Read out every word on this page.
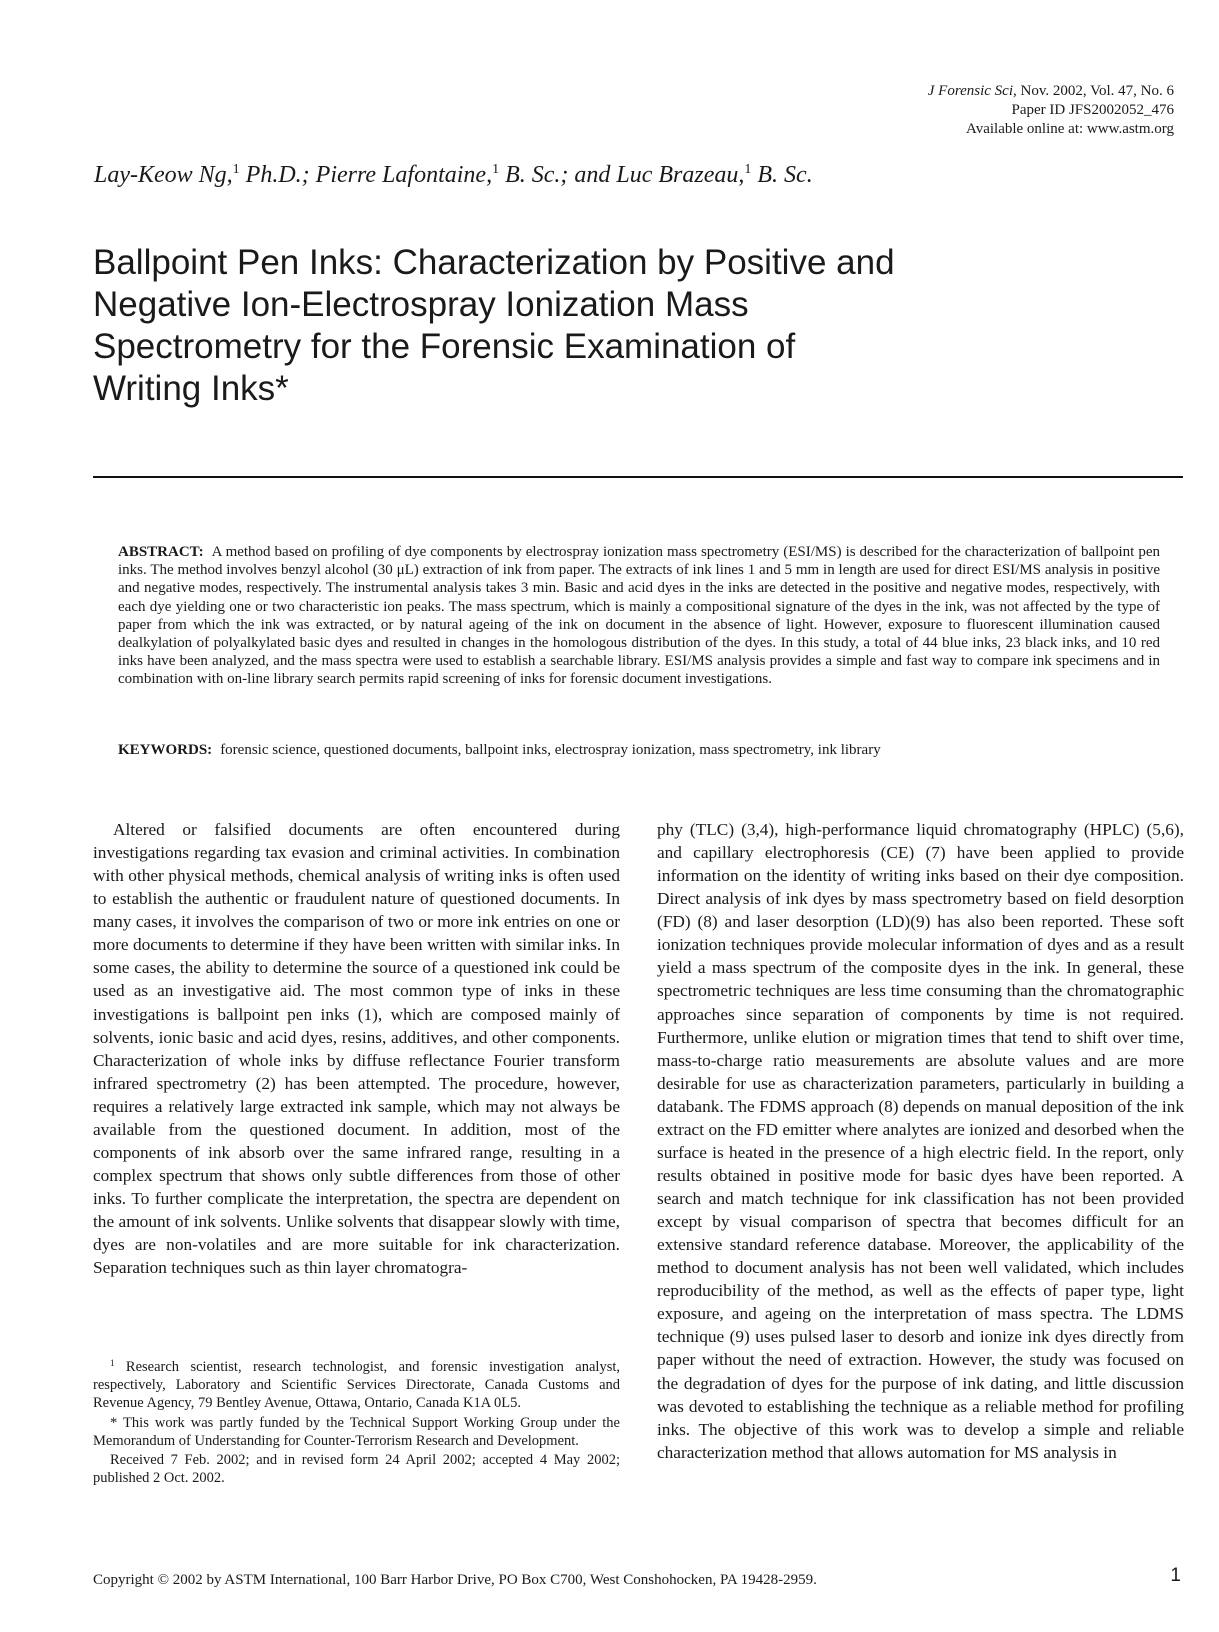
J Forensic Sci, Nov. 2002, Vol. 47, No. 6
Paper ID JFS2002052_476
Available online at: www.astm.org
Lay-Keow Ng,$^1$ Ph.D.; Pierre Lafontaine,$^1$ B. Sc.; and Luc Brazeau,$^1$ B. Sc.
Ballpoint Pen Inks: Characterization by Positive and Negative Ion-Electrospray Ionization Mass Spectrometry for the Forensic Examination of Writing Inks*

ABSTRACT: A method based on profiling of dye components by electrospray ionization mass spectrometry (ESI/MS) is described for the characterization of ballpoint pen inks. The method involves benzyl alcohol (30 μL) extraction of ink from paper. The extracts of ink lines 1 and 5 mm in length are used for direct ESI/MS analysis in positive and negative modes, respectively. The instrumental analysis takes 3 min. Basic and acid dyes in the inks are detected in the positive and negative modes, respectively, with each dye yielding one or two characteristic ion peaks. The mass spectrum, which is mainly a compositional signature of the dyes in the ink, was not affected by the type of paper from which the ink was extracted, or by natural ageing of the ink on document in the absence of light. However, exposure to fluorescent illumination caused dealkylation of polyalkylated basic dyes and resulted in changes in the homologous distribution of the dyes. In this study, a total of 44 blue inks, 23 black inks, and 10 red inks have been analyzed, and the mass spectra were used to establish a searchable library. ESI/MS analysis provides a simple and fast way to compare ink specimens and in combination with on-line library search permits rapid screening of inks for forensic document investigations.

KEYWORDS: forensic science, questioned documents, ballpoint inks, electrospray ionization, mass spectrometry, ink library

Altered or falsified documents are often encountered during investigations regarding tax evasion and criminal activities. In combination with other physical methods, chemical analysis of writing inks is often used to establish the authentic or fraudulent nature of questioned documents. In many cases, it involves the comparison of two or more ink entries on one or more documents to determine if they have been written with similar inks. In some cases, the ability to determine the source of a questioned ink could be used as an investigative aid. The most common type of inks in these investigations is ballpoint pen inks (1), which are composed mainly of solvents, ionic basic and acid dyes, resins, additives, and other components. Characterization of whole inks by diffuse reflectance Fourier transform infrared spectrometry (2) has been attempted. The procedure, however, requires a relatively large extracted ink sample, which may not always be available from the questioned document. In addition, most of the components of ink absorb over the same infrared range, resulting in a complex spectrum that shows only subtle differences from those of other inks. To further complicate the interpretation, the spectra are dependent on the amount of ink solvents. Unlike solvents that disappear slowly with time, dyes are non-volatiles and are more suitable for ink characterization. Separation techniques such as thin layer chromatogra-

phy (TLC) (3,4), high-performance liquid chromatography (HPLC) (5,6), and capillary electrophoresis (CE) (7) have been applied to provide information on the identity of writing inks based on their dye composition. Direct analysis of ink dyes by mass spectrometry based on field desorption (FD) (8) and laser desorption (LD)(9) has also been reported. These soft ionization techniques provide molecular information of dyes and as a result yield a mass spectrum of the composite dyes in the ink. In general, these spectrometric techniques are less time consuming than the chromatographic approaches since separation of components by time is not required. Furthermore, unlike elution or migration times that tend to shift over time, mass-to-charge ratio measurements are absolute values and are more desirable for use as characterization parameters, particularly in building a databank. The FDMS approach (8) depends on manual deposition of the ink extract on the FD emitter where analytes are ionized and desorbed when the surface is heated in the presence of a high electric field. In the report, only results obtained in positive mode for basic dyes have been reported. A search and match technique for ink classification has not been provided except by visual comparison of spectra that becomes difficult for an extensive standard reference database. Moreover, the applicability of the method to document analysis has not been well validated, which includes reproducibility of the method, as well as the effects of paper type, light exposure, and ageing on the interpretation of mass spectra. The LDMS technique (9) uses pulsed laser to desorb and ionize ink dyes directly from paper without the need of extraction. However, the study was focused on the degradation of dyes for the purpose of ink dating, and little discussion was devoted to establishing the technique as a reliable method for profiling inks. The objective of this work was to develop a simple and reliable characterization method that allows automation for MS analysis in

$^1$ Research scientist, research technologist, and forensic investigation analyst, respectively, Laboratory and Scientific Services Directorate, Canada Customs and Revenue Agency, 79 Bentley Avenue, Ottawa, Ontario, Canada K1A 0L5.

* This work was partly funded by the Technical Support Working Group under the Memorandum of Understanding for Counter-Terrorism Research and Development.

Received 7 Feb. 2002; and in revised form 24 April 2002; accepted 4 May 2002; published 2 Oct. 2002.

Copyright © 2002 by ASTM International, 100 Barr Harbor Drive, PO Box C700, West Conshohocken, PA 19428-2959.	1
